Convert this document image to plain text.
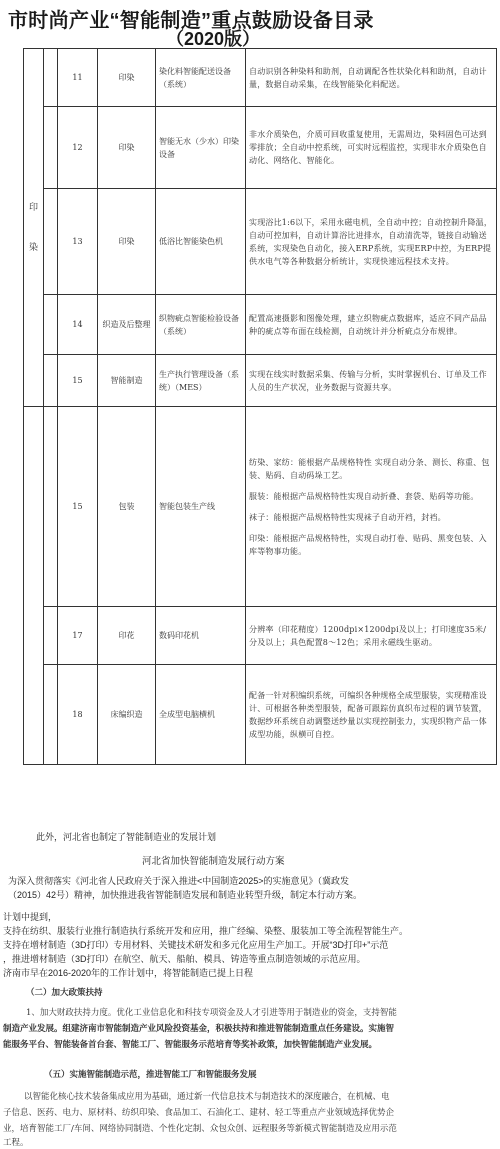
市时尚产业“智能制造”重点鼓励设备目录
（2020版）
印
染		11	印染	染化料智能配送设备（系统）	自动识别各种染料和助剂，自动调配各性状染化料和助剂，自动计量，数据自动采集，在线智能染化料配送。

		12	印染	智能无水（少水）印染设备	非水介质染色，介质可回收重复使用，无需周边，染料固色可达到零排放；全自动中控系统，可实时远程监控，实现非水介质染色自动化、网络化、智能化。

		13	印染	低浴比智能染色机	实现浴比1:6以下，采用永磁电机，全自动中控；自动控制升降温，自动可控加料，自动计算浴比进排水，自动清洗等，链接自动输送系统，实现染色自动化，接入ERP系统，实现ERP中控，为ERP提供水电气等各种数据分析统计，实现快速远程技术支持。

		14	织造及后整理	织物疵点智能检验设备（系统）	配置高速摄影和图像处理，建立织物疵点数据库，适应不同产品品种的疵点等布面在线检测，自动统计并分析疵点分布规律。

		15	智能制造	生产执行管理设备（系统）（MES）	实现在线实时数据采集、传输与分析，实时掌握机台、订单及工作人员的生产状况，业务数据与资源共享。

		15	包装	智能包装生产线	纺染、家纺：能根据产品规格特性 实现自动分条、测长、称重、包装、贴码、自动码垛工艺。

服装：能根据产品规格特性实现自动折叠、套袋、贴码等功能。

袜子：能根据产品规格特性实现袜子自动开裆，封裆。

印染：能根据产品规格特性，实现自动打卷、贴码、黑变包装、入库等物事功能。

		17	印花	数码印花机	分辨率（印花精度）1200dpi×1200dpi及以上；打印速度35米/分及以上；具色配置8～12色；采用永磁线生驱动。

		18	床编织造	全成型电脑横机	配备一针对积编织系统，可编织各种规格全成型服装，实现精准设计、可根据各种类型服装，配备可跟踪仿真织布过程的调节装置，数据纱环系统自动调整送纱量以实现控制张力，实现织物产品一体成型功能，纵横可自控。

此外，河北省也制定了智能制造业的发展计划
河北省加快智能制造发展行动方案
为深入贯彻落实《河北省人民政府关于深入推进<中国制造2025>的实施意见》（冀政发
（2015）42号）精神，加快推进我省智能制造发展和制造业转型升级，制定本行动方案。
计划中提到，
支持在纺织、服装行业推行制造执行系统开发和应用，推广经编、染整、服装加工等全流程智能生产。
支持在增材制造（3D打印）专用材料、关键技术研发和多元化应用生产加工。开展“3D打印+”示范
，推进增材制造（3D打印）在航空、航天、船舶、模具、铸造等重点制造领域的示范应用。
济南市早在2016-2020年的工作计划中，将智能制造已提上日程
（二）加大政策扶持
1、加大财政扶持力度。优化工业信息化和科技专项资金及人才引进等用于制造业的资金，支持智能
制造产业发展。组建济南市智能制造产业风险投资基金，积极扶持和推进智能制造重点任务建设。实施智
能服务平台、智能装备首台套、智能工厂、智能服务示范培育等奖补政策，加快智能制造产业发展。
（五）实施智能制造示范，推进智能工厂和智能服务发展
以智能化核心技术装备集成应用为基础，通过新一代信息技术与制造技术的深度融合，在机械、电
子信息、医药、电力、原材料、纺织印染、食品加工、石油化工、建材、轻工等重点产业领域选择优势企
业，培育智能工厂/车间、网络协同制造、个性化定制、众包众创、远程服务等新模式智能制造及应用示范
工程。
